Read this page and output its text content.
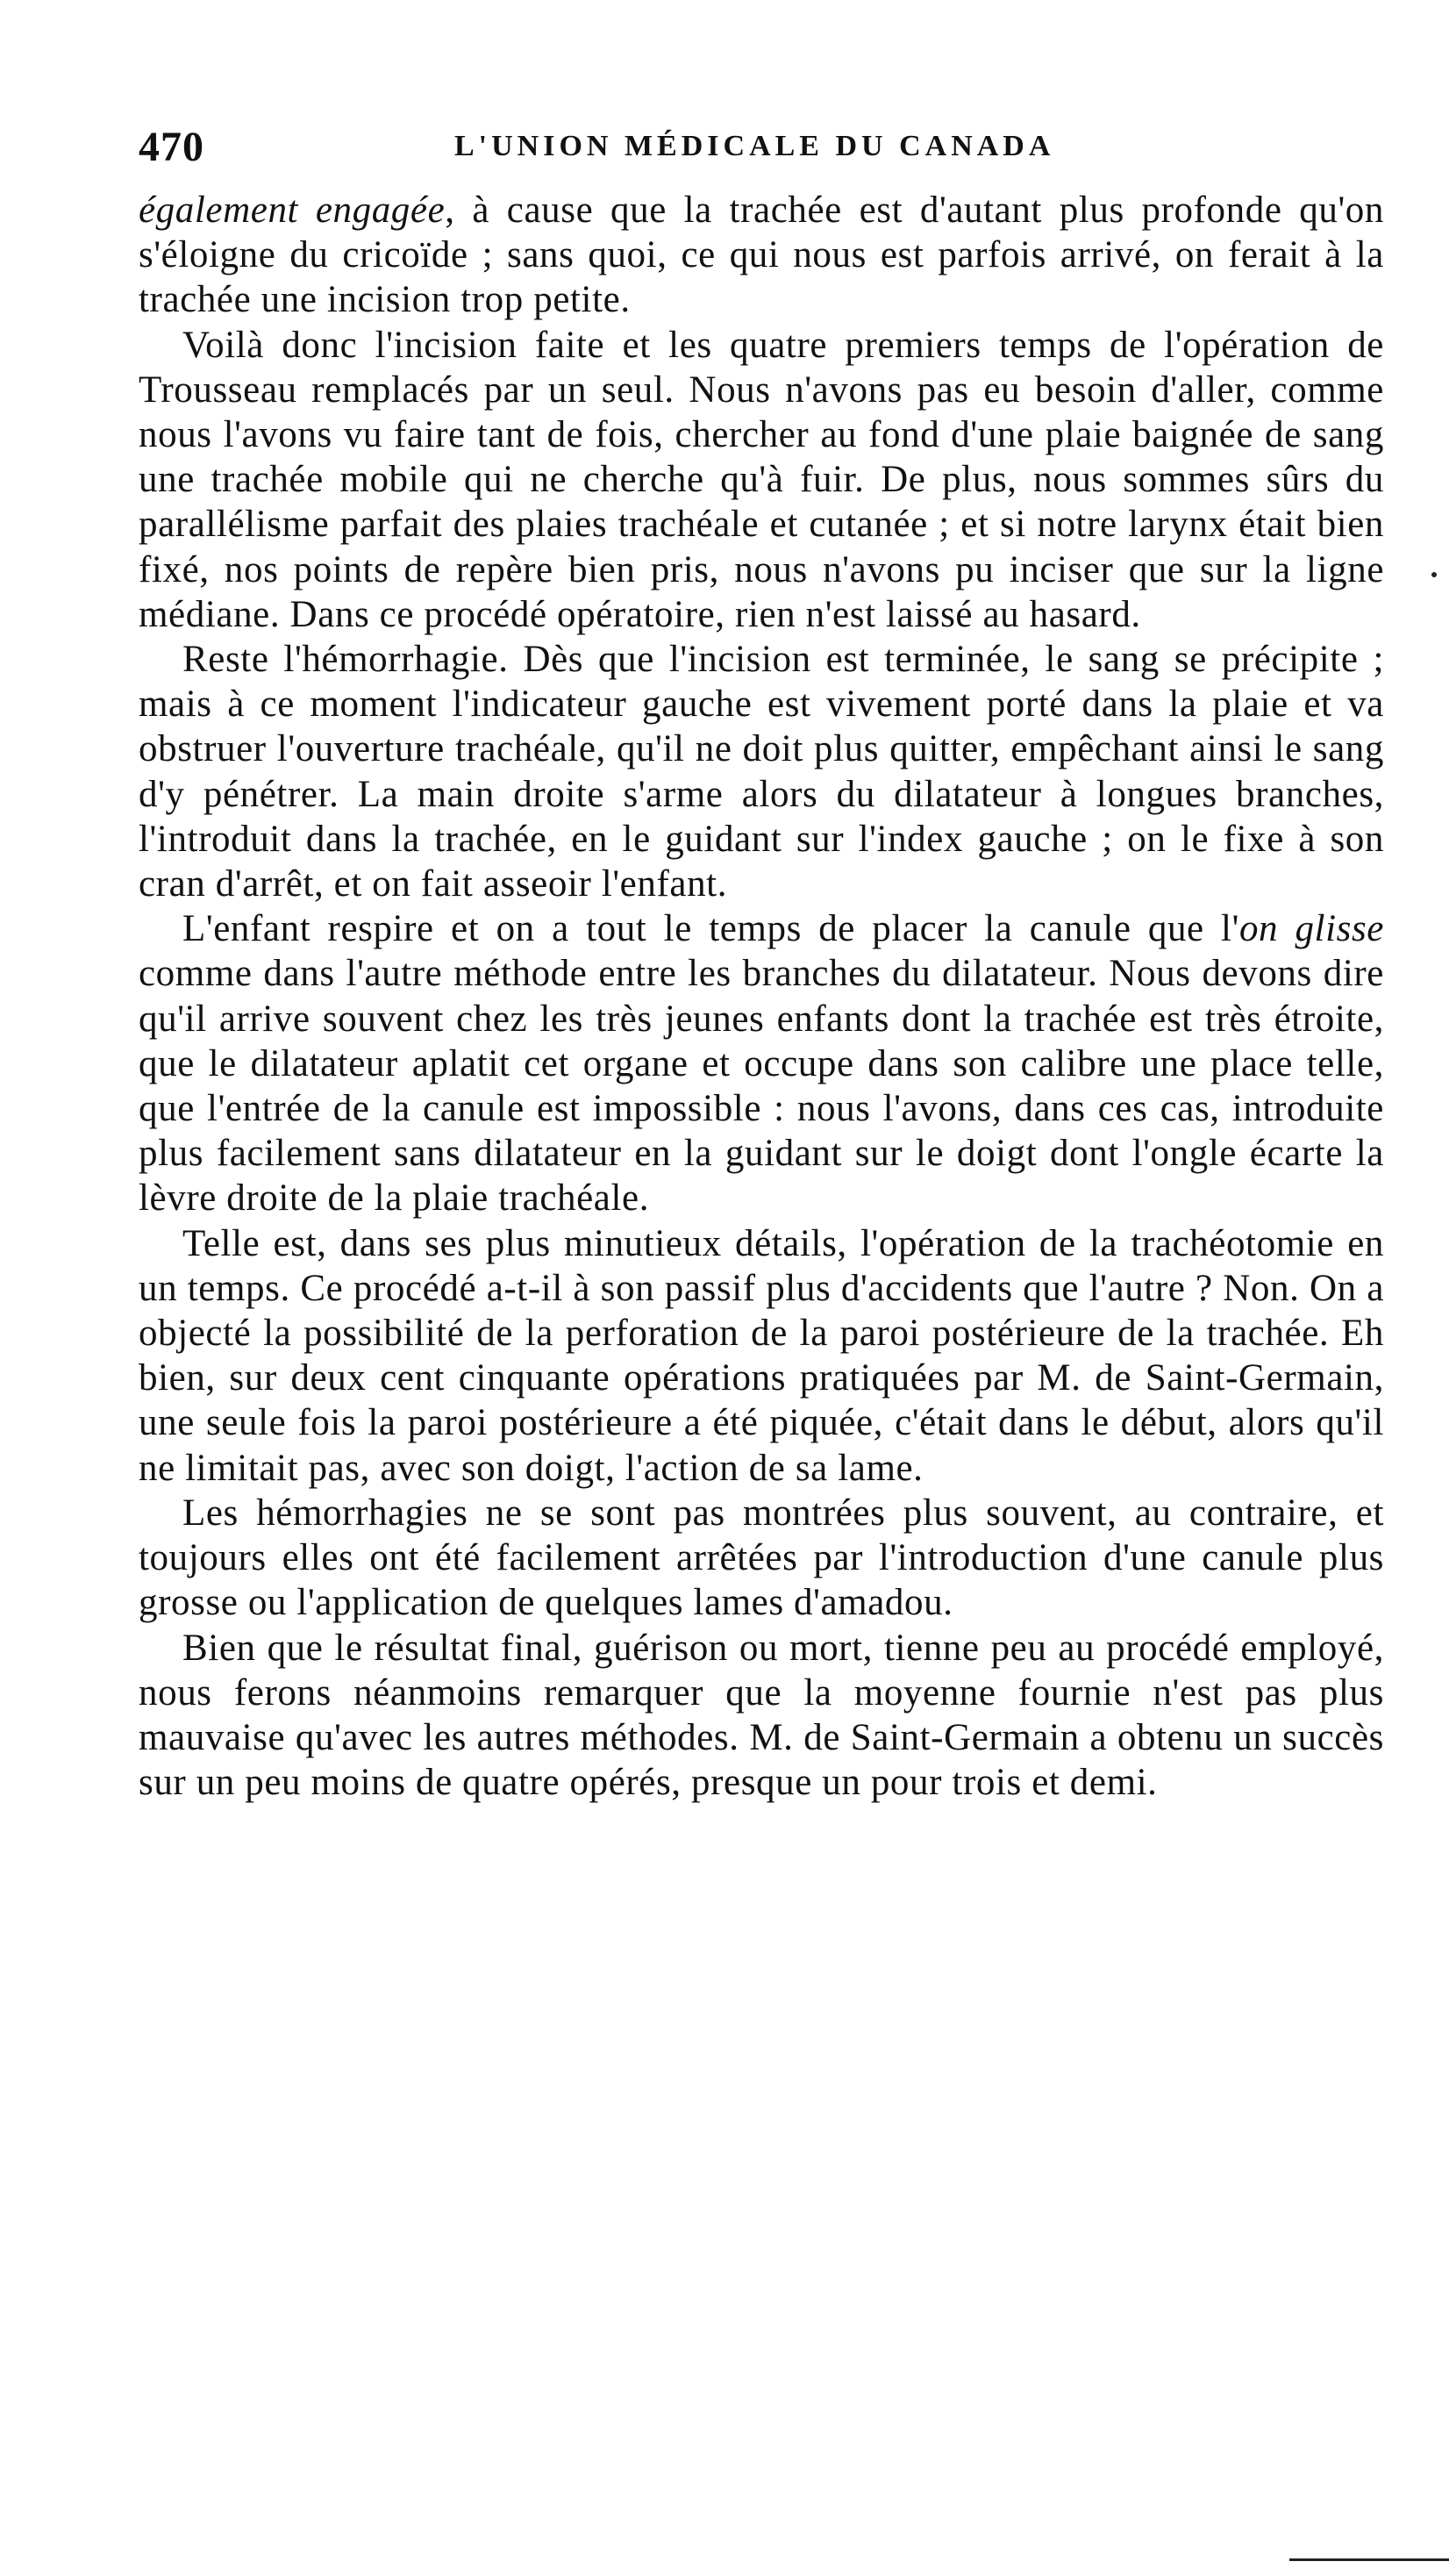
470	L'UNION MÉDICALE DU CANADA

également engagée, à cause que la trachée est d'autant plus profonde qu'on s'éloigne du cricoïde ; sans quoi, ce qui nous est parfois arrivé, on ferait à la trachée une incision trop petite.

Voilà donc l'incision faite et les quatre premiers temps de l'opération de Trousseau remplacés par un seul. Nous n'avons pas eu besoin d'aller, comme nous l'avons vu faire tant de fois, chercher au fond d'une plaie baignée de sang une trachée mobile qui ne cherche qu'à fuir. De plus, nous sommes sûrs du parallélisme parfait des plaies trachéale et cutanée ; et si notre larynx était bien fixé, nos points de repère bien pris, nous n'avons pu inciser que sur la ligne médiane. Dans ce procédé opératoire, rien n'est laissé au hasard.

Reste l'hémorrhagie. Dès que l'incision est terminée, le sang se précipite ; mais à ce moment l'indicateur gauche est vivement porté dans la plaie et va obstruer l'ouverture trachéale, qu'il ne doit plus quitter, empêchant ainsi le sang d'y pénétrer. La main droite s'arme alors du dilatateur à longues branches, l'introduit dans la trachée, en le guidant sur l'index gauche ; on le fixe à son cran d'arrêt, et on fait asseoir l'enfant.

L'enfant respire et on a tout le temps de placer la canule que l'on glisse comme dans l'autre méthode entre les branches du dilatateur. Nous devons dire qu'il arrive souvent chez les très jeunes enfants dont la trachée est très étroite, que le dilatateur aplatit cet organe et occupe dans son calibre une place telle, que l'entrée de la canule est impossible : nous l'avons, dans ces cas, introduite plus facilement sans dilatateur en la guidant sur le doigt dont l'ongle écarte la lèvre droite de la plaie trachéale.

Telle est, dans ses plus minutieux détails, l'opération de la trachéotomie en un temps. Ce procédé a-t-il à son passif plus d'accidents que l'autre ? Non. On a objecté la possibilité de la perforation de la paroi postérieure de la trachée. Eh bien, sur deux cent cinquante opérations pratiquées par M. de Saint-Germain, une seule fois la paroi postérieure a été piquée, c'était dans le début, alors qu'il ne limitait pas, avec son doigt, l'action de sa lame.

Les hémorrhagies ne se sont pas montrées plus souvent, au contraire, et toujours elles ont été facilement arrêtées par l'introduction d'une canule plus grosse ou l'application de quelques lames d'amadou.

Bien que le résultat final, guérison ou mort, tienne peu au procédé employé, nous ferons néanmoins remarquer que la moyenne fournie n'est pas plus mauvaise qu'avec les autres méthodes. M. de Saint-Germain a obtenu un succès sur un peu moins de quatre opérés, presque un pour trois et demi.
